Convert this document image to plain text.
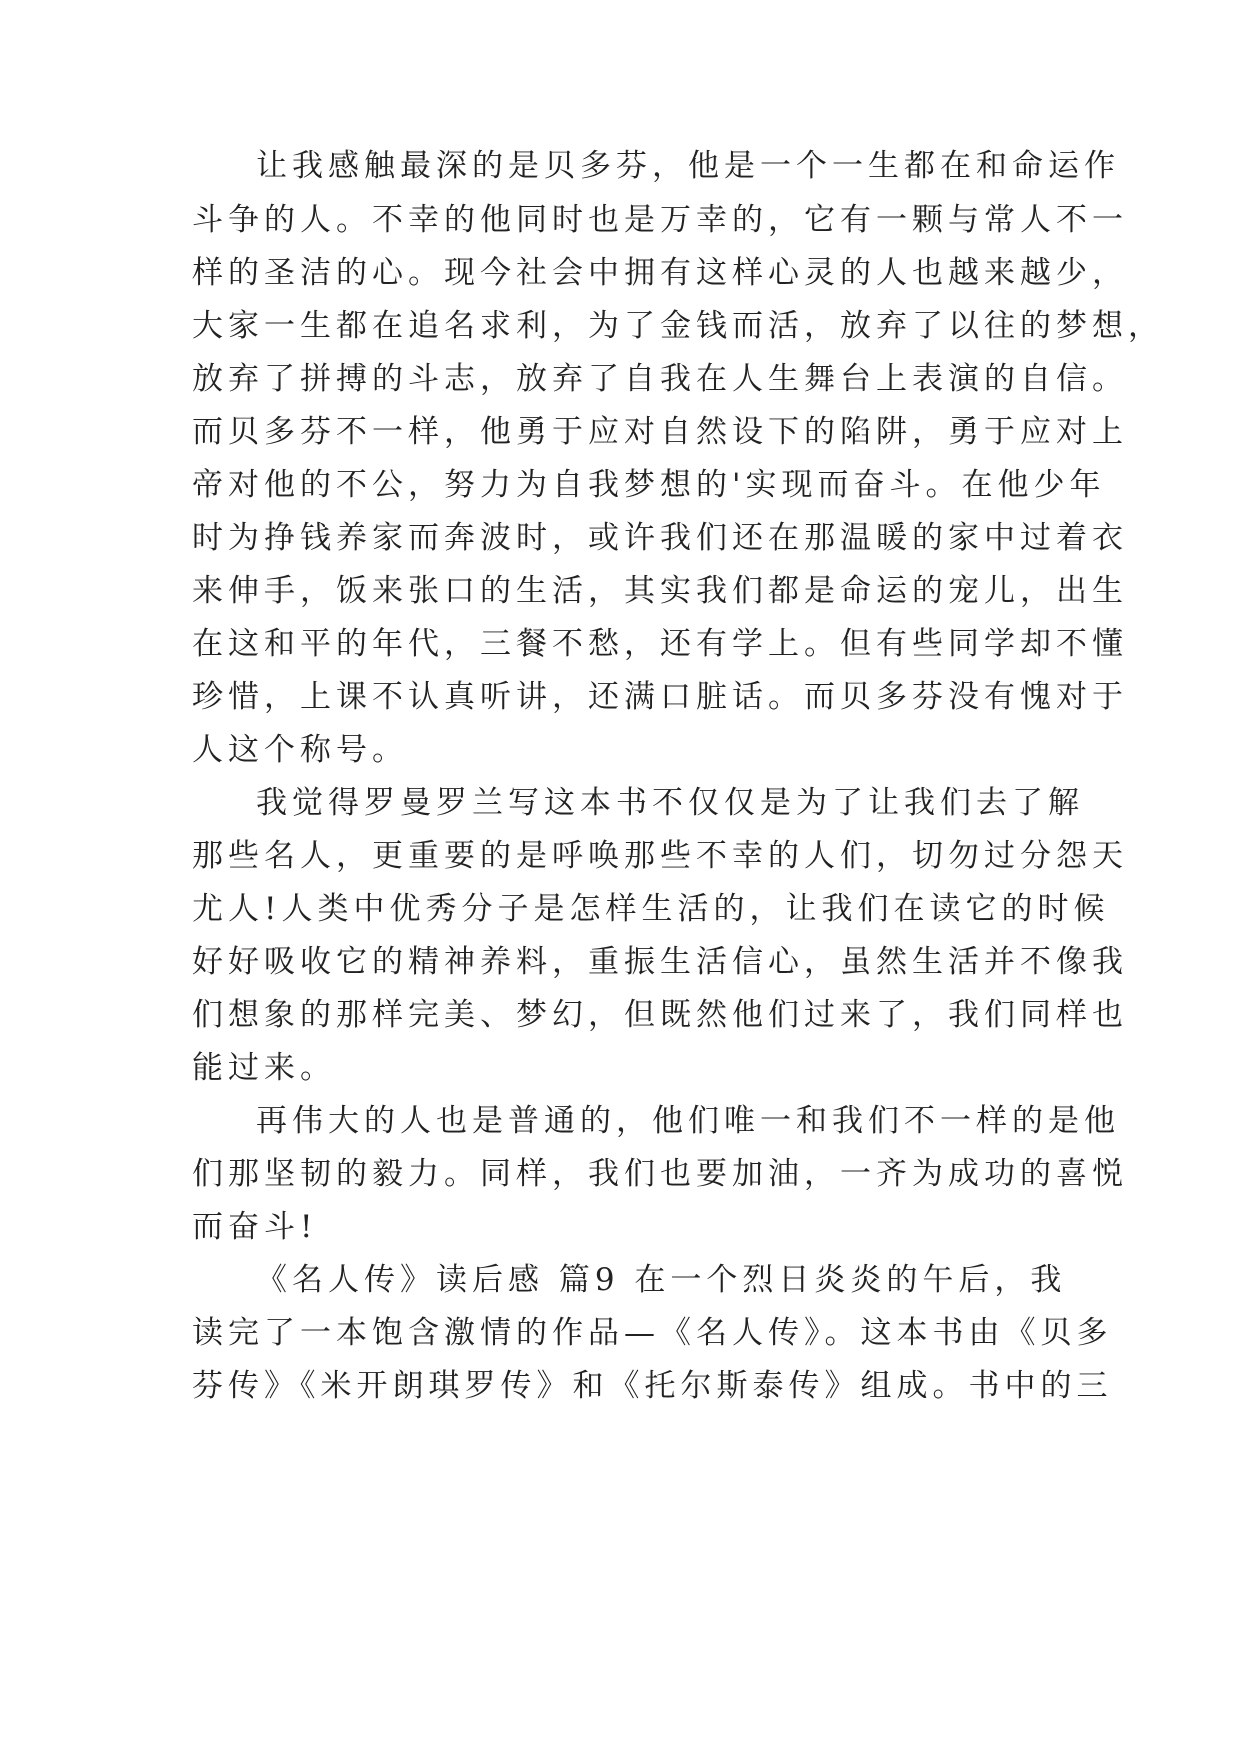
让我感触最深的是贝多芬，他是一个一生都在和命运作
斗争的人。不幸的他同时也是万幸的，它有一颗与常人不一
样的圣洁的心。现今社会中拥有这样心灵的人也越来越少，
大家一生都在追名求利，为了金钱而活，放弃了以往的梦想，
放弃了拼搏的斗志，放弃了自我在人生舞台上表演的自信。
而贝多芬不一样，他勇于应对自然设下的陷阱，勇于应对上
帝对他的不公，努力为自我梦想的'实现而奋斗。在他少年
时为挣钱养家而奔波时，或许我们还在那温暖的家中过着衣
来伸手，饭来张口的生活，其实我们都是命运的宠儿，出生
在这和平的年代，三餐不愁，还有学上。但有些同学却不懂
珍惜，上课不认真听讲，还满口脏话。而贝多芬没有愧对于
人这个称号。
我觉得罗曼罗兰写这本书不仅仅是为了让我们去了解
那些名人，更重要的是呼唤那些不幸的人们，切勿过分怨天
尤人!人类中优秀分子是怎样生活的，让我们在读它的时候
好好吸收它的精神养料，重振生活信心，虽然生活并不像我
们想象的那样完美、梦幻，但既然他们过来了，我们同样也
能过来。
再伟大的人也是普通的，他们唯一和我们不一样的是他
们那坚韧的毅力。同样，我们也要加油，一齐为成功的喜悦
而奋斗!
《名人传》读后感 篇9 在一个烈日炎炎的午后，我
读完了一本饱含激情的作品—《名人传》。这本书由《贝多
芬传》《米开朗琪罗传》和《托尔斯泰传》组成。书中的三
